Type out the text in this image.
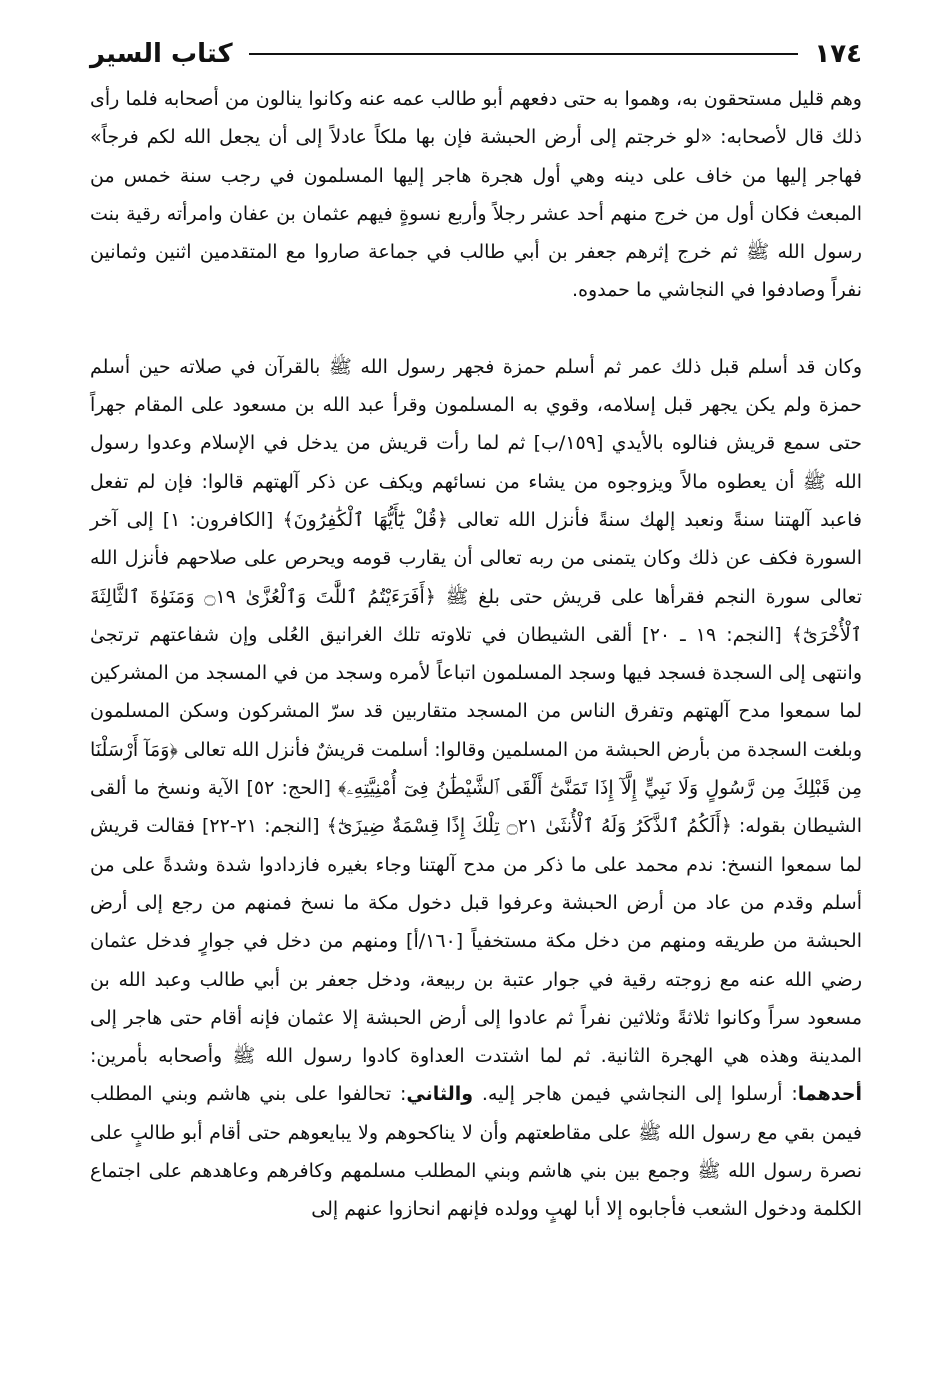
١٧٤
كتاب السير

وهم قليل مستحقون به، وهموا به حتى دفعهم أبو طالب عمه عنه وكانوا ينالون من أصحابه فلما رأى ذلك قال لأصحابه: «لو خرجتم إلى أرض الحبشة فإن بها ملكاً عادلاً إلى أن يجعل الله لكم فرجاً» فهاجر إليها من خاف على دينه وهي أول هجرة هاجر إليها المسلمون في رجب سنة خمس من المبعث فكان أول من خرج منهم أحد عشر رجلاً وأربع نسوةٍ فيهم عثمان بن عفان وامرأته رقية بنت رسول الله ﷺ ثم خرج إثرهم جعفر بن أبي طالب في جماعة صاروا مع المتقدمين اثنين وثمانين نفراً وصادفوا في النجاشي ما حمدوه.

وكان قد أسلم قبل ذلك عمر ثم أسلم حمزة فجهر رسول الله ﷺ بالقرآن في صلاته حين أسلم حمزة ولم يكن يجهر قبل إسلامه، وقوي به المسلمون وقرأ عبد الله بن مسعود على المقام جهراً حتى سمع قريش فنالوه بالأيدي [١٥٩/ب] ثم لما رأت قريش من يدخل في الإسلام وعدوا رسول الله ﷺ أن يعطوه مالاً ويزوجوه من يشاء من نسائهم ويكف عن ذكر آلهتهم قالوا: فإن لم تفعل فاعبد آلهتنا سنةً ونعبد إلهك سنةً فأنزل الله تعالى ﴿قُلْ يَٰٓأَيُّهَا ٱلْكَٰفِرُونَ﴾ [الكافرون: ١] إلى آخر السورة فكف عن ذلك وكان يتمنى من ربه تعالى أن يقارب قومه ويحرص على صلاحهم فأنزل الله تعالى سورة النجم فقرأها على قريش حتى بلغ ﷺ ﴿أَفَرَءَيْتُمُ ٱللَّٰتَ وَٱلْعُزَّىٰ ۝١٩ وَمَنَوٰةَ ٱلثَّالِثَةَ ٱلْأُخْرَىٰٓ﴾ [النجم: ١٩ ـ ٢٠] ألقى الشيطان في تلاوته تلك الغرانيق العُلى وإن شفاعتهم ترتجىٰ وانتهى إلى السجدة فسجد فيها وسجد المسلمون اتباعاً لأمره وسجد من في المسجد من المشركين لما سمعوا مدح آلهتهم وتفرق الناس من المسجد متقاربين قد سرّ المشركون وسكن المسلمون وبلغت السجدة من بأرض الحبشة من المسلمين وقالوا: أسلمت قريشٌ فأنزل الله تعالى ﴿وَمَآ أَرْسَلْنَا مِن قَبْلِكَ مِن رَّسُولٍ وَلَا نَبِيٍّ إِلَّآ إِذَا تَمَنَّىٰٓ أَلْقَى ٱلشَّيْطَٰنُ فِىٓ أُمْنِيَّتِهِۦ﴾ [الحج: ٥٢] الآية ونسخ ما ألقى الشيطان بقوله: ﴿أَلَكُمُ ٱلذَّكَرُ وَلَهُ ٱلْأُنثَىٰ ۝٢١ تِلْكَ إِذًا قِسْمَةٌ ضِيزَىٰٓ﴾ [النجم: ٢١-٢٢] فقالت قريش لما سمعوا النسخ: ندم محمد على ما ذكر من مدح آلهتنا وجاء بغيره فازدادوا شدة وشدةً على من أسلم وقدم من عاد من أرض الحبشة وعرفوا قبل دخول مكة ما نسخ فمنهم من رجع إلى أرض الحبشة من طريقه ومنهم من دخل مكة مستخفياً [١٦٠/أ] ومنهم من دخل في جوارٍ فدخل عثمان رضي الله عنه مع زوجته رقية في جوار عتبة بن ربيعة، ودخل جعفر بن أبي طالب وعبد الله بن مسعود سراً وكانوا ثلاثةً وثلاثين نفراً ثم عادوا إلى أرض الحبشة إلا عثمان فإنه أقام حتى هاجر إلى المدينة وهذه هي الهجرة الثانية. ثم لما اشتدت العداوة كادوا رسول الله ﷺ وأصحابه بأمرين: أحدهما: أرسلوا إلى النجاشي فيمن هاجر إليه. والثاني: تحالفوا على بني هاشم وبني المطلب فيمن بقي مع رسول الله ﷺ على مقاطعتهم وأن لا يناكحوهم ولا يبايعوهم حتى أقام أبو طالبٍ على نصرة رسول الله ﷺ وجمع بين بني هاشم وبني المطلب مسلمهم وكافرهم وعاهدهم على اجتماع الكلمة ودخول الشعب فأجابوه إلا أبا لهبٍ وولده فإنهم انحازوا عنهم إلى
